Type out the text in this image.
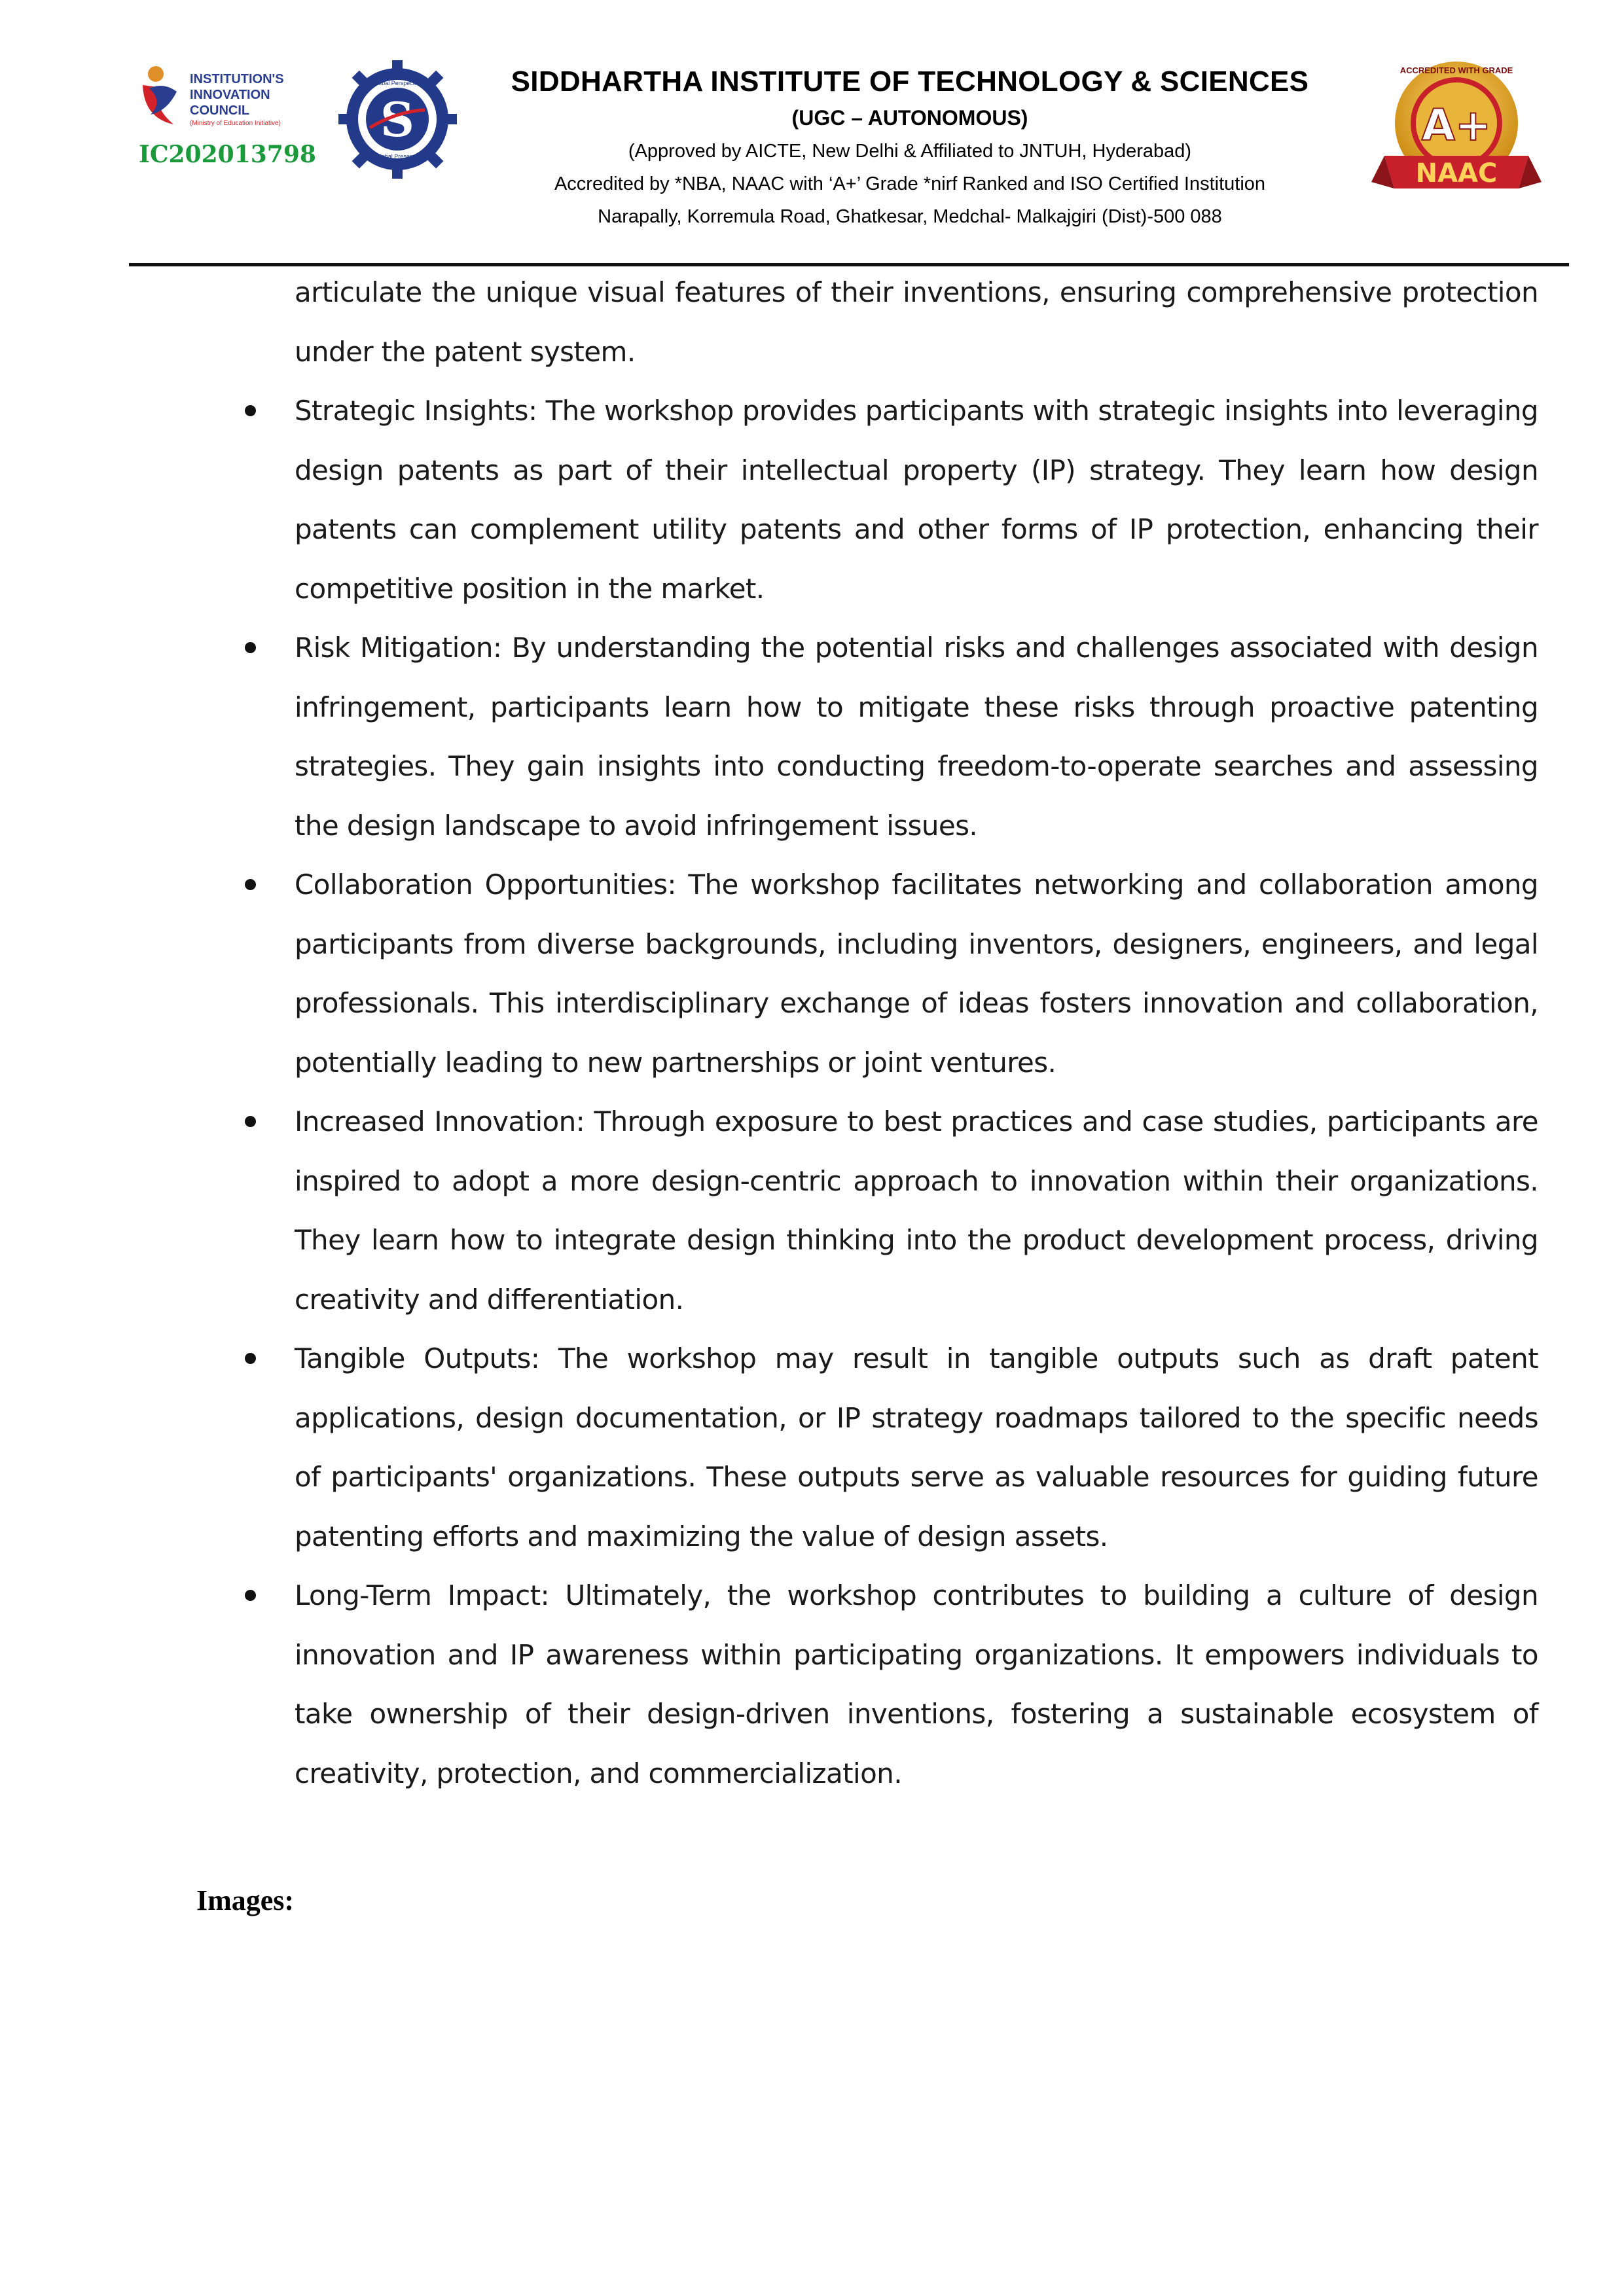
INSTITUTION'S
INNOVATION
COUNCIL
(Ministry of Education Initiative)
IC202013798
S
Global Perspective
Global Presence
SIDDHARTHA INSTITUTE OF TECHNOLOGY & SCIENCES
(UGC – AUTONOMOUS)
(Approved by AICTE, New Delhi & Affiliated to JNTUH, Hyderabad)
Accredited by *NBA, NAAC with ‘A+’ Grade *nirf Ranked and ISO Certified Institution
Narapally, Korremula Road, Ghatkesar, Medchal- Malkajgiri (Dist)-500 088
A+
ACCREDITED WITH GRADE
NAAC

articulate the unique visual features of their inventions, ensuring comprehensive protection under the patent system.

Strategic Insights: The workshop provides participants with strategic insights into leveraging design patents as part of their intellectual property (IP) strategy. They learn how design patents can complement utility patents and other forms of IP protection, enhancing their competitive position in the market.
Risk Mitigation: By understanding the potential risks and challenges associated with design infringement, participants learn how to mitigate these risks through proactive patenting strategies. They gain insights into conducting freedom-to-operate searches and assessing the design landscape to avoid infringement issues.
Collaboration Opportunities: The workshop facilitates networking and collaboration among participants from diverse backgrounds, including inventors, designers, engineers, and legal professionals. This interdisciplinary exchange of ideas fosters innovation and collaboration, potentially leading to new partnerships or joint ventures.
Increased Innovation: Through exposure to best practices and case studies, participants are inspired to adopt a more design-centric approach to innovation within their organizations. They learn how to integrate design thinking into the product development process, driving creativity and differentiation.
Tangible Outputs: The workshop may result in tangible outputs such as draft patent applications, design documentation, or IP strategy roadmaps tailored to the specific needs of participants' organizations. These outputs serve as valuable resources for guiding future patenting efforts and maximizing the value of design assets.
Long-Term Impact: Ultimately, the workshop contributes to building a culture of design innovation and IP awareness within participating organizations. It empowers individuals to take ownership of their design-driven inventions, fostering a sustainable ecosystem of creativity, protection, and commercialization.
Images:
